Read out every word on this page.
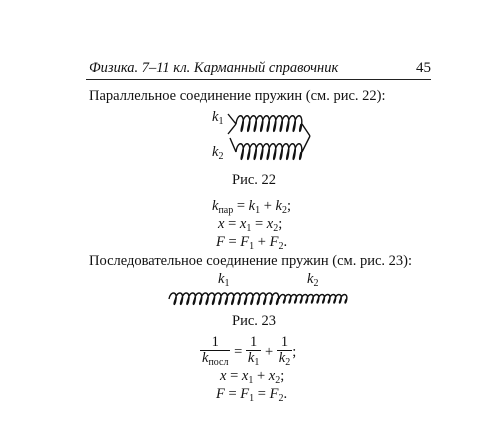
Физика. 7–11 кл. Карманный справочник	45
Параллельное соединение пружин (см. рис. 22):
$k_1$
$k_2$
Рис. 22
$k_{пар} = k_1 + k_2$;
$x = x_1 = x_2$;
$F = F_1 + F_2$.
Последовательное соединение пружин (см. рис. 23):
$k_1$	$k_2$
Рис. 23
$\frac{1}{k_{посл}} = \frac{1}{k_1} + \frac{1}{k_2}$ ;
$x = x_1 + x_2$;
$F = F_1 = F_2$.
